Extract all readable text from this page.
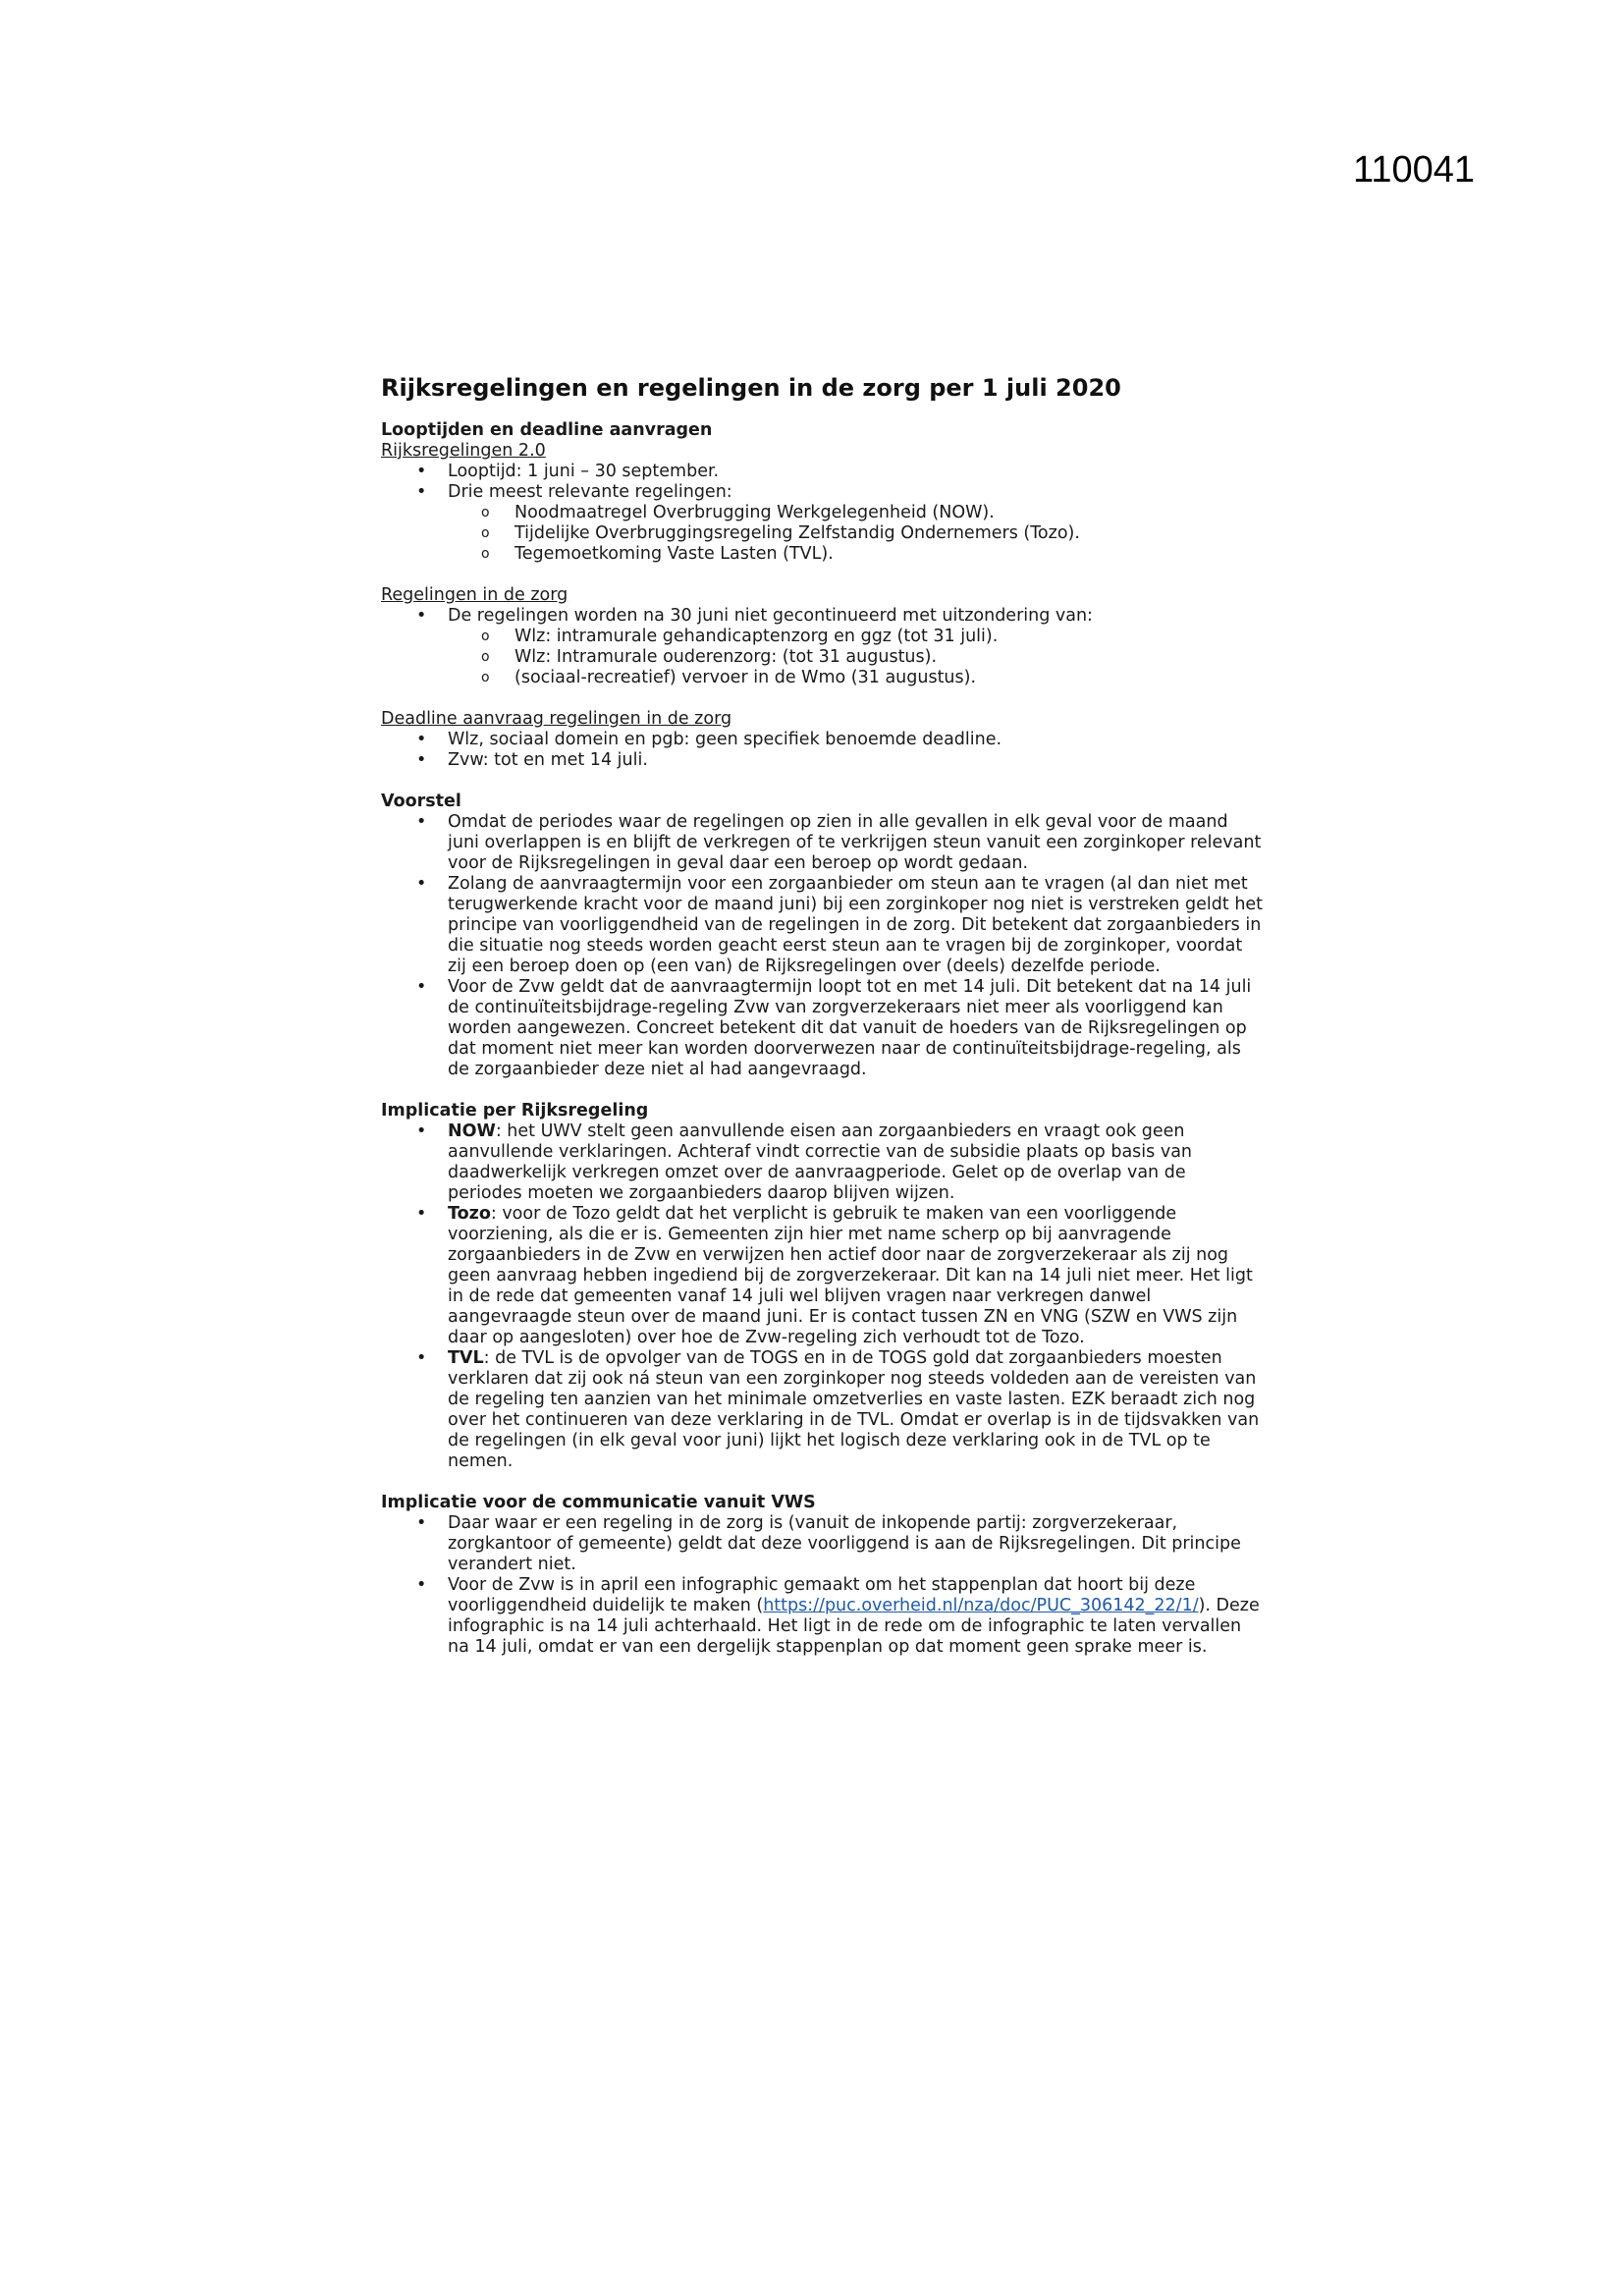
110041
Rijksregelingen en regelingen in de zorg per 1 juli 2020
Looptijden en deadline aanvragen
Rijksregelingen 2.0
• Looptijd: 1 juni – 30 september.
• Drie meest relevante regelingen:
o Noodmaatregel Overbrugging Werkgelegenheid (NOW).
o Tijdelijke Overbruggingsregeling Zelfstandig Ondernemers (Tozo).
o Tegemoetkoming Vaste Lasten (TVL).
Regelingen in de zorg
• De regelingen worden na 30 juni niet gecontinueerd met uitzondering van:
o Wlz: intramurale gehandicaptenzorg en ggz (tot 31 juli).
o Wlz: Intramurale ouderenzorg: (tot 31 augustus).
o (sociaal-recreatief) vervoer in de Wmo (31 augustus).
Deadline aanvraag regelingen in de zorg
• Wlz, sociaal domein en pgb: geen specifiek benoemde deadline.
• Zvw: tot en met 14 juli.
Voorstel
• Omdat de periodes waar de regelingen op zien in alle gevallen in elk geval voor de maand juni overlappen is en blijft de verkregen of te verkrijgen steun vanuit een zorginkoper relevant voor de Rijksregelingen in geval daar een beroep op wordt gedaan.
• Zolang de aanvraagtermijn voor een zorgaanbieder om steun aan te vragen (al dan niet met terugwerkende kracht voor de maand juni) bij een zorginkoper nog niet is verstreken geldt het principe van voorliggendheid van de regelingen in de zorg. Dit betekent dat zorgaanbieders in die situatie nog steeds worden geacht eerst steun aan te vragen bij de zorginkoper, voordat zij een beroep doen op (een van) de Rijksregelingen over (deels) dezelfde periode.
• Voor de Zvw geldt dat de aanvraagtermijn loopt tot en met 14 juli. Dit betekent dat na 14 juli de continuïteitsbijdrage-regeling Zvw van zorgverzekeraars niet meer als voorliggend kan worden aangewezen. Concreet betekent dit dat vanuit de hoeders van de Rijksregelingen op dat moment niet meer kan worden doorverwezen naar de continuïteitsbijdrage-regeling, als de zorgaanbieder deze niet al had aangevraagd.
Implicatie per Rijksregeling
• NOW: het UWV stelt geen aanvullende eisen aan zorgaanbieders en vraagt ook geen aanvullende verklaringen. Achteraf vindt correctie van de subsidie plaats op basis van daadwerkelijk verkregen omzet over de aanvraagperiode. Gelet op de overlap van de periodes moeten we zorgaanbieders daarop blijven wijzen.
• Tozo: voor de Tozo geldt dat het verplicht is gebruik te maken van een voorliggende voorziening, als die er is. Gemeenten zijn hier met name scherp op bij aanvragende zorgaanbieders in de Zvw en verwijzen hen actief door naar de zorgverzekeraar als zij nog geen aanvraag hebben ingediend bij de zorgverzekeraar. Dit kan na 14 juli niet meer. Het ligt in de rede dat gemeenten vanaf 14 juli wel blijven vragen naar verkregen danwel aangevraagde steun over de maand juni. Er is contact tussen ZN en VNG (SZW en VWS zijn daar op aangesloten) over hoe de Zvw-regeling zich verhoudt tot de Tozo.
• TVL: de TVL is de opvolger van de TOGS en in de TOGS gold dat zorgaanbieders moesten verklaren dat zij ook ná steun van een zorginkoper nog steeds voldeden aan de vereisten van de regeling ten aanzien van het minimale omzetverlies en vaste lasten. EZK beraadt zich nog over het continueren van deze verklaring in de TVL. Omdat er overlap is in de tijdsvakken van de regelingen (in elk geval voor juni) lijkt het logisch deze verklaring ook in de TVL op te nemen.
Implicatie voor de communicatie vanuit VWS
• Daar waar er een regeling in de zorg is (vanuit de inkopende partij: zorgverzekeraar, zorgkantoor of gemeente) geldt dat deze voorliggend is aan de Rijksregelingen. Dit principe verandert niet.
• Voor de Zvw is in april een infographic gemaakt om het stappenplan dat hoort bij deze voorliggendheid duidelijk te maken (https://puc.overheid.nl/nza/doc/PUC_306142_22/1/). Deze infographic is na 14 juli achterhaald. Het ligt in de rede om de infographic te laten vervallen na 14 juli, omdat er van een dergelijk stappenplan op dat moment geen sprake meer is.
